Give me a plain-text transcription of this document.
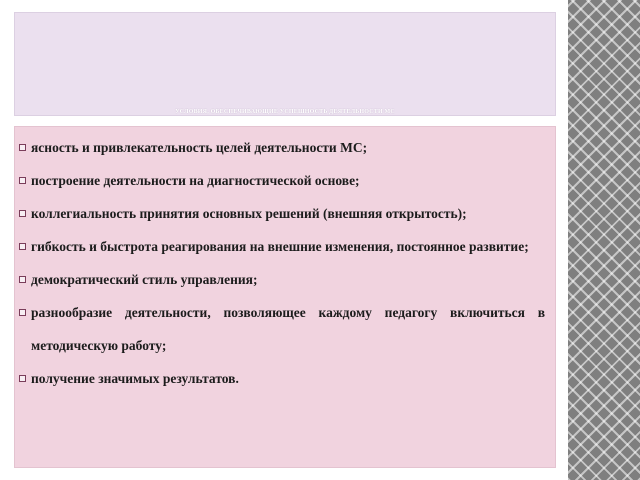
УСЛОВИЯ, ОБЕСПЕЧИВАЮЩИЕ УСПЕШНОСТЬ ДЕЯТЕЛЬНОСТИ МС
ясность и привлекательность целей деятельности МС;
построение деятельности на диагностической основе;
коллегиальность принятия основных решений (внешняя открытость);
гибкость и быстрота реагирования на внешние изменения, постоянное развитие;
демократический стиль управления;
разнообразие деятельности, позволяющее каждому педагогу включиться в методическую работу;
получение значимых результатов.
